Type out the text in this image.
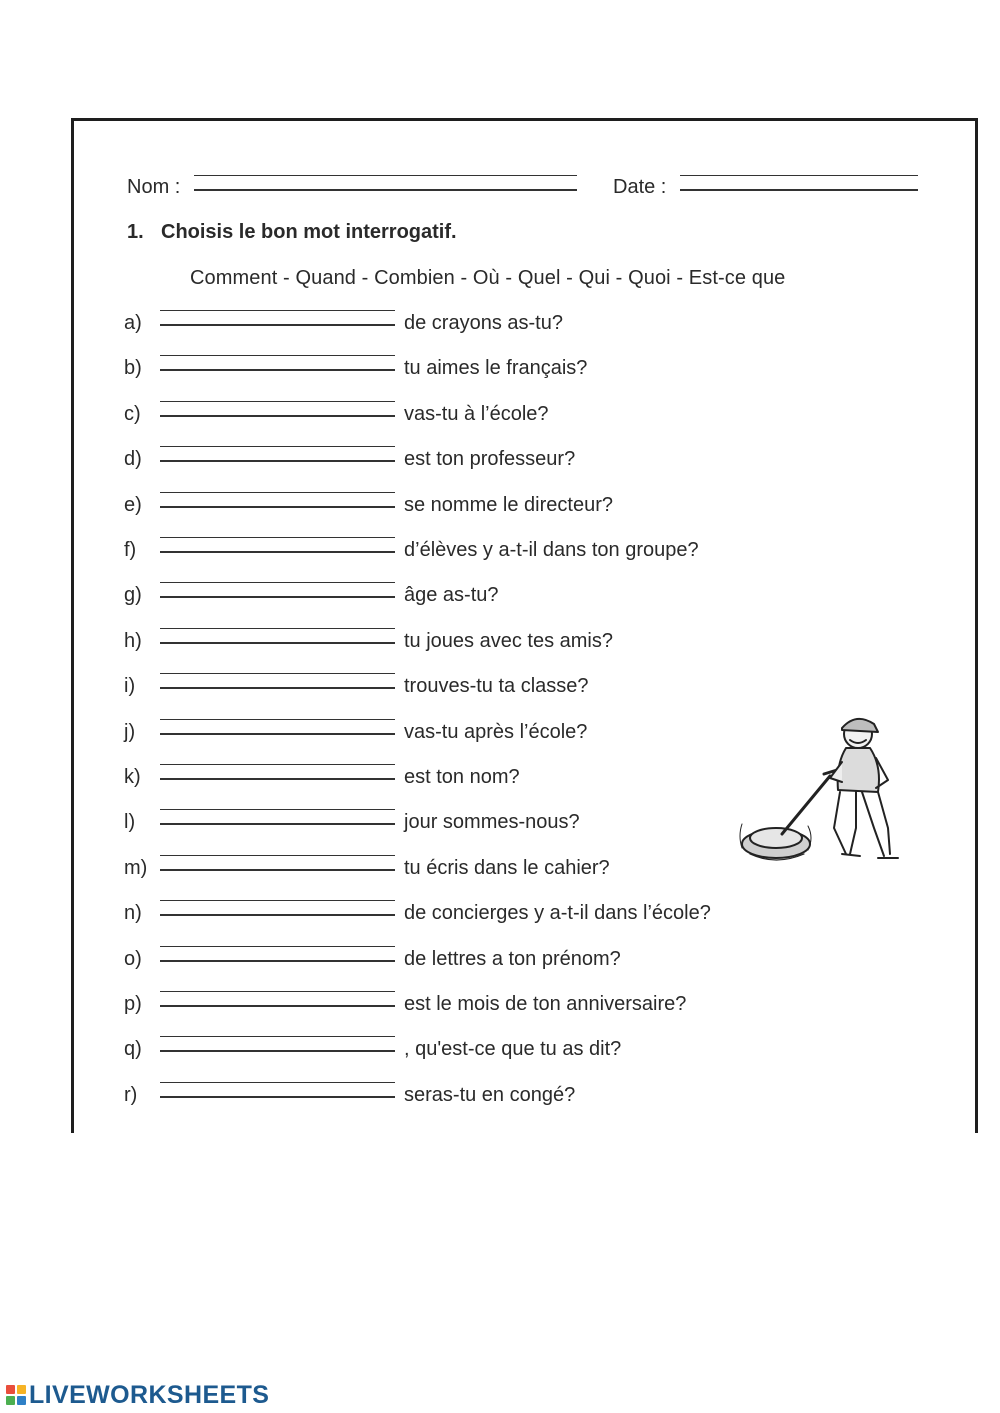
Nom :	Date :
1. Choisis le bon mot interrogatif.
Comment - Quand - Combien - Où - Quel - Qui - Quoi - Est-ce que
a)	de crayons as-tu?
b)	tu aimes le français?
c)	vas-tu à l’école?
d)	est ton professeur?
e)	se nomme le directeur?
f)	d’élèves y a-t-il dans ton groupe?
g)	âge as-tu?
h)	tu joues avec tes amis?
i)	trouves-tu ta classe?
j)	vas-tu après l’école?
k)	est ton nom?
l)	jour sommes-nous?
m)	tu écris dans le cahier?
n)	de concierges y a-t-il dans l’école?
o)	de lettres a ton prénom?
p)	est le mois de ton anniversaire?
q)	, qu'est-ce que tu as dit?
r)	seras-tu en congé?
LIVEWORKSHEETS
